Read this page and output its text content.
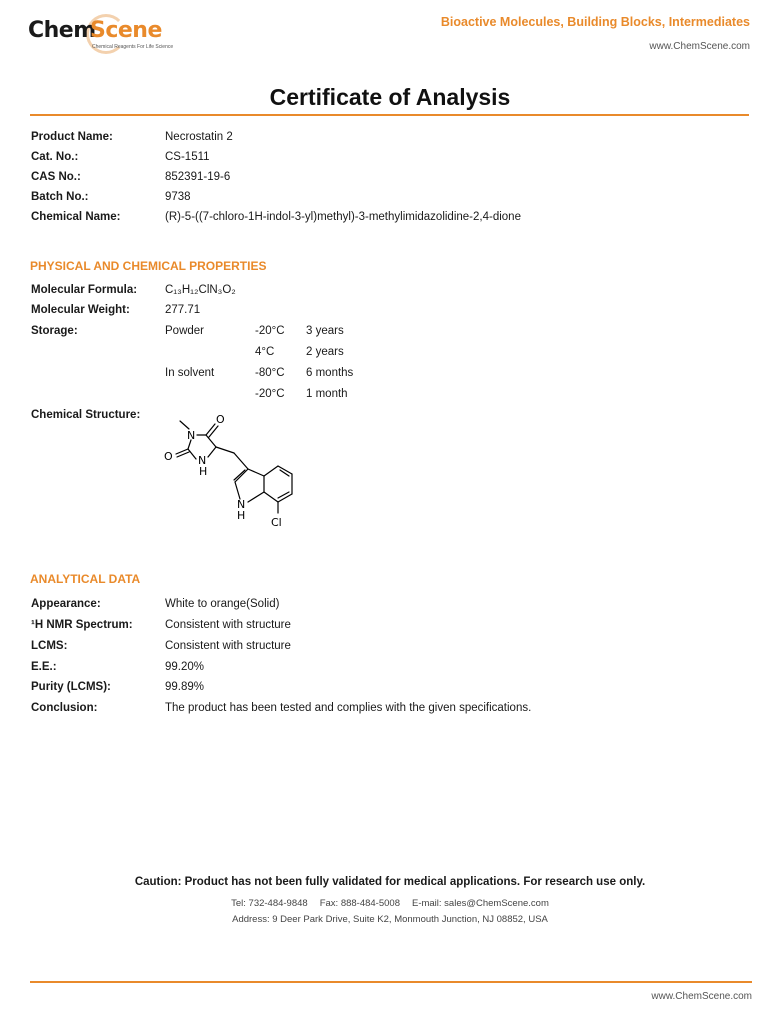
Chem
Scene
Chemical Reagents For Life Science
Bioactive Molecules, Building Blocks, Intermediates
www.ChemScene.com
Certificate of Analysis
Product Name:	Necrostatin 2
Cat. No.:	CS-1511
CAS No.:	852391-19-6
Batch No.:	9738
Chemical Name:	(R)-5-((7-chloro-1H-indol-3-yl)methyl)-3-methylimidazolidine-2,4-dione
PHYSICAL AND CHEMICAL PROPERTIES
Molecular Formula: C₁₃H₁₂ClN₃O₂
Molecular Weight:	277.71
Storage:	Powder	-20°C 3 years
4°C	2 years
In solvent	-80°C 6 months
-20°C 1 month
Chemical Structure:	O
N
O N
H
N
H
Cl
ANALYTICAL DATA
Appearance:	White to orange(Solid)
¹H NMR Spectrum:	Consistent with structure
LCMS:	Consistent with structure
E.E.:	99.20%
Purity (LCMS):	99.89%
Conclusion:	The product has been tested and complies with the given specifications.
Caution: Product has not been fully validated for medical applications. For research use only.
Tel: 732-484-9848 Fax: 888-484-5008 E-mail: sales@ChemScene.com
Address: 9 Deer Park Drive, Suite K2, Monmouth Junction, NJ 08852, USA
www.ChemScene.com
